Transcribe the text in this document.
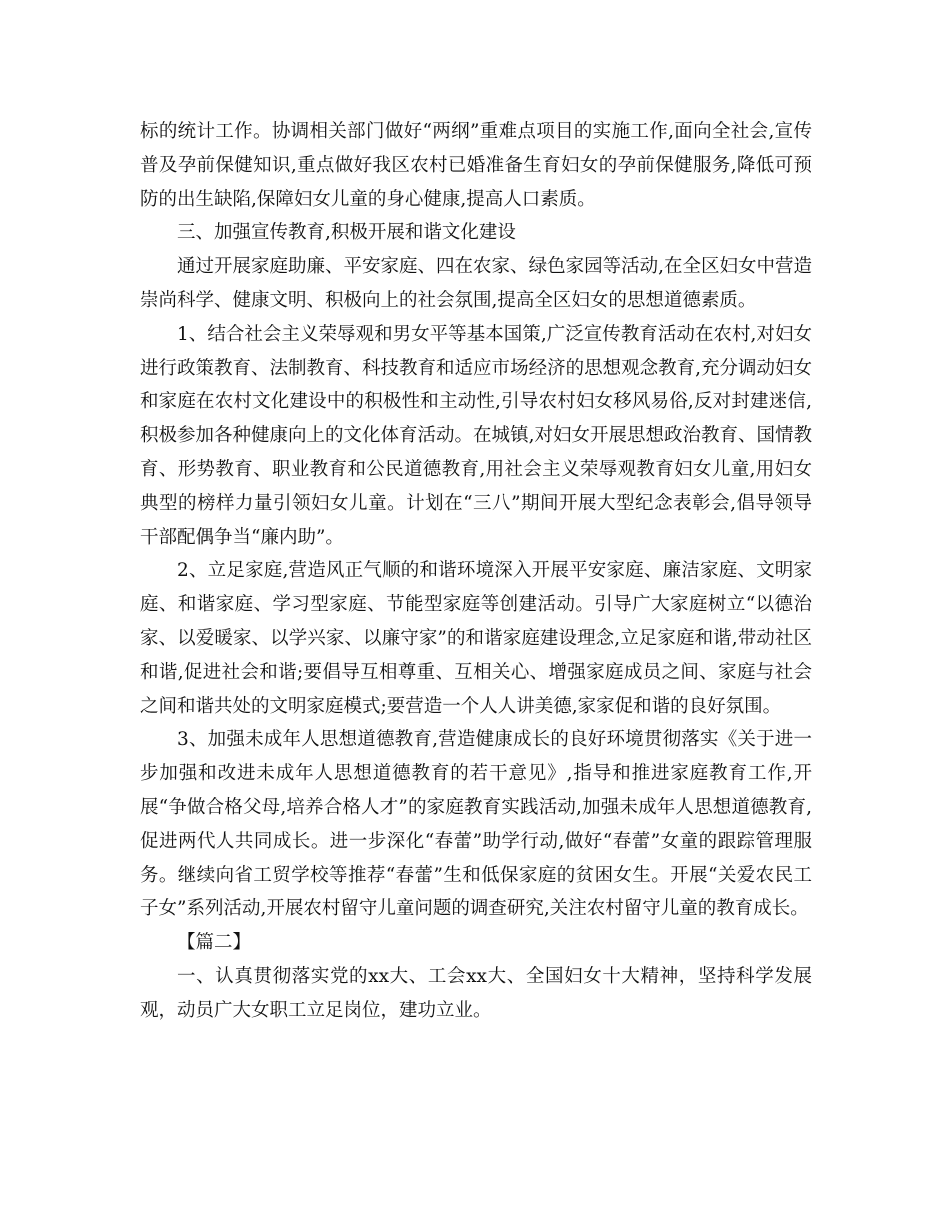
标的统计工作。协调相关部门做好“两纲”重难点项目的实施工作,面向全社会,宣传普及孕前保健知识,重点做好我区农村已婚准备生育妇女的孕前保健服务,降低可预防的出生缺陷,保障妇女儿童的身心健康,提高人口素质。

三、加强宣传教育,积极开展和谐文化建设

通过开展家庭助廉、平安家庭、四在农家、绿色家园等活动,在全区妇女中营造崇尚科学、健康文明、积极向上的社会氛围,提高全区妇女的思想道德素质。

1、结合社会主义荣辱观和男女平等基本国策,广泛宣传教育活动在农村,对妇女进行政策教育、法制教育、科技教育和适应市场经济的思想观念教育,充分调动妇女和家庭在农村文化建设中的积极性和主动性,引导农村妇女移风易俗,反对封建迷信,积极参加各种健康向上的文化体育活动。在城镇,对妇女开展思想政治教育、国情教育、形势教育、职业教育和公民道德教育,用社会主义荣辱观教育妇女儿童,用妇女典型的榜样力量引领妇女儿童。计划在“三八”期间开展大型纪念表彰会,倡导领导干部配偶争当“廉内助”。

2、立足家庭,营造风正气顺的和谐环境深入开展平安家庭、廉洁家庭、文明家庭、和谐家庭、学习型家庭、节能型家庭等创建活动。引导广大家庭树立“以德治家、以爱暖家、以学兴家、以廉守家”的和谐家庭建设理念,立足家庭和谐,带动社区和谐,促进社会和谐;要倡导互相尊重、互相关心、增强家庭成员之间、家庭与社会之间和谐共处的文明家庭模式;要营造一个人人讲美德,家家促和谐的良好氛围。

3、加强未成年人思想道德教育,营造健康成长的良好环境贯彻落实《关于进一步加强和改进未成年人思想道德教育的若干意见》,指导和推进家庭教育工作,开展“争做合格父母,培养合格人才”的家庭教育实践活动,加强未成年人思想道德教育,促进两代人共同成长。进一步深化“春蕾”助学行动,做好“春蕾”女童的跟踪管理服务。继续向省工贸学校等推荐“春蕾”生和低保家庭的贫困女生。开展“关爱农民工子女”系列活动,开展农村留守儿童问题的调查研究,关注农村留守儿童的教育成长。

【篇二】

一、认真贯彻落实党的xx大、工会xx大、全国妇女十大精神，坚持科学发展观，动员广大女职工立足岗位，建功立业。
